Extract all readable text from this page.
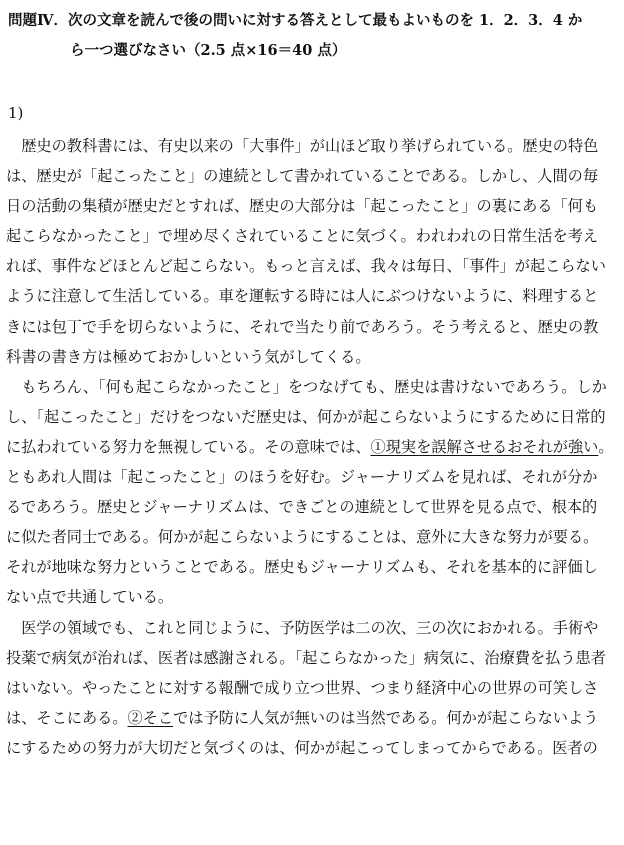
問題Ⅳ．次の文章を読んで後の問いに対する答えとして最もよいものを 1．2．3．4 か
ら一つ選びなさい（2.5 点×16＝40 点）
1)

歴史の教科書には、有史以来の「大事件」が山ほど取り挙げられている。歴史の特色
は、歴史が「起こったこと」の連続として書かれていることである。しかし、人間の毎
日の活動の集積が歴史だとすれば、歴史の大部分は「起こったこと」の裏にある「何も
起こらなかったこと」で埋め尽くされていることに気づく。われわれの日常生活を考え
れば、事件などほとんど起こらない。もっと言えば、我々は毎日、「事件」が起こらない
ように注意して生活している。車を運転する時には人にぶつけないように、料理すると
きには包丁で手を切らないように、それで当たり前であろう。そう考えると、歴史の教
科書の書き方は極めておかしいという気がしてくる。

もちろん、「何も起こらなかったこと」をつなげても、歴史は書けないであろう。しか
し、「起こったこと」だけをつないだ歴史は、何かが起こらないようにするために日常的
に払われている努力を無視している。その意味では、①現実を誤解させるおそれが強い。
ともあれ人間は「起こったこと」のほうを好む。ジャーナリズムを見れば、それが分か
るであろう。歴史とジャーナリズムは、できごとの連続として世界を見る点で、根本的
に似た者同士である。何かが起こらないようにすることは、意外に大きな努力が要る。
それが地味な努力ということである。歴史もジャーナリズムも、それを基本的に評価し
ない点で共通している。

医学の領域でも、これと同じように、予防医学は二の次、三の次におかれる。手術や
投薬で病気が治れば、医者は感謝される。「起こらなかった」病気に、治療費を払う患者
はいない。やったことに対する報酬で成り立つ世界、つまり経済中心の世界の可笑しさ
は、そこにある。②そこでは予防に人気が無いのは当然である。何かが起こらないよう
にするための努力が大切だと気づくのは、何かが起こってしまってからである。医者の
